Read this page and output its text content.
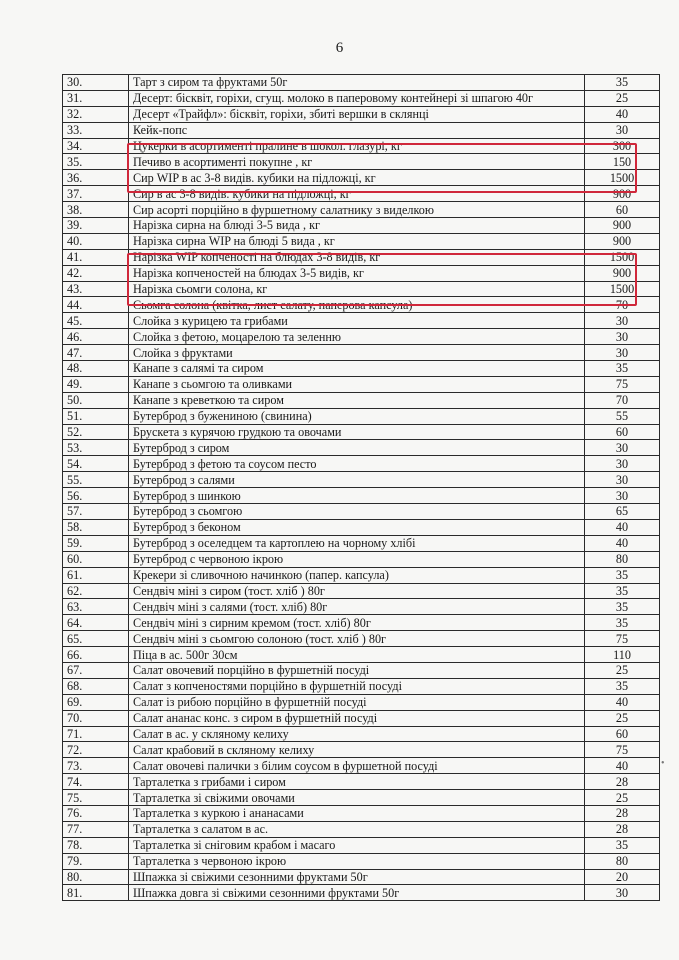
6
30.	Тарт з сиром та фруктами 50г	35
31.	Десерт: бісквіт, горіхи, сгущ. молоко в паперовому контейнері зі шпагою 40г	25
32.	Десерт «Трайфл»: бісквіт, горіхи, збиті вершки в склянці	40
33.	Кейк-попс	30
34.	Цукерки в асортименті пралине в шокол. глазурі, кг	300
35.	Печиво в асортименті покупне , кг	150
36.	Сир WIP в ас 3-8 видів. кубики на підложці, кг	1500
37.	Сир в ас 3-8 видів. кубики на підложці, кг	900
38.	Сир асорті порційно в фуршетному салатнику з виделкою	60
39.	Нарізка сирна на блюді 3-5 вида , кг	900
40.	Нарізка сирна WIP на блюді 5 вида , кг	900
41.	Нарізка WIP копченості на блюдах 3-8 видів, кг	1500
42.	Нарізка копченостей на блюдах 3-5 видів, кг	900
43.	Нарізка сьомги солона, кг	1500
44.	Сьомга солона (квітка, лист салату, паперова капсула)	70
45.	Слойка з курицею та грибами	30
46.	Слойка з фетою, моцарелою та зеленню	30
47.	Слойка з фруктами	30
48.	Канапе з салямі та сиром	35
49.	Канапе з сьомгою та оливками	75
50.	Канапе з креветкою та сиром	70
51.	Бутерброд з бужениною (свинина)	55
52.	Брускета з курячою грудкою та овочами	60
53.	Бутерброд з сиром	30
54.	Бутерброд з фетою та соусом песто	30
55.	Бутерброд з салями	30
56.	Бутерброд з шинкою	30
57.	Бутерброд з сьомгою	65
58.	Бутерброд з беконом	40
59.	Бутерброд з оселедцем та картоплею на чорному хлібі	40
60.	Бутерброд с червоною ікрою	80
61.	Крекери зі сливочною начинкою (папер. капсула)	35
62.	Сендвіч міні з сиром (тост. хліб ) 80г	35
63.	Сендвіч міні з салями (тост. хліб) 80г	35
64.	Сендвіч міні з сирним кремом (тост. хліб) 80г	35
65.	Сендвіч міні з сьомгою солоною (тост. хліб ) 80г	75
66.	Піца в ас. 500г 30см	110
67.	Салат овочевий порційно в фуршетній посуді	25
68.	Салат з копченостями порційно в фуршетній посуді	35
69.	Салат із рибою порційно в фуршетній посуді	40
70.	Салат ананас конс. з сиром в фуршетній посуді	25
71.	Салат в ас. у скляному келиху	60
72.	Салат крабовий в скляному келиху	75
73.	Салат овочеві палички з білим соусом в фуршетной посуді	40
74.	Тарталетка з грибами і сиром	28
75.	Тарталетка зі свіжими овочами	25
76.	Тарталетка з куркою і ананасами	28
77.	Тарталетка з салатом в ас.	28
78.	Тарталетка зі сніговим крабом і масаго	35
79.	Тарталетка з червоною ікрою	80
80.	Шпажка зі свіжими сезонними фруктами 50г	20
81.	Шпажка довга зі свіжими сезонними фруктами 50г	30
•
